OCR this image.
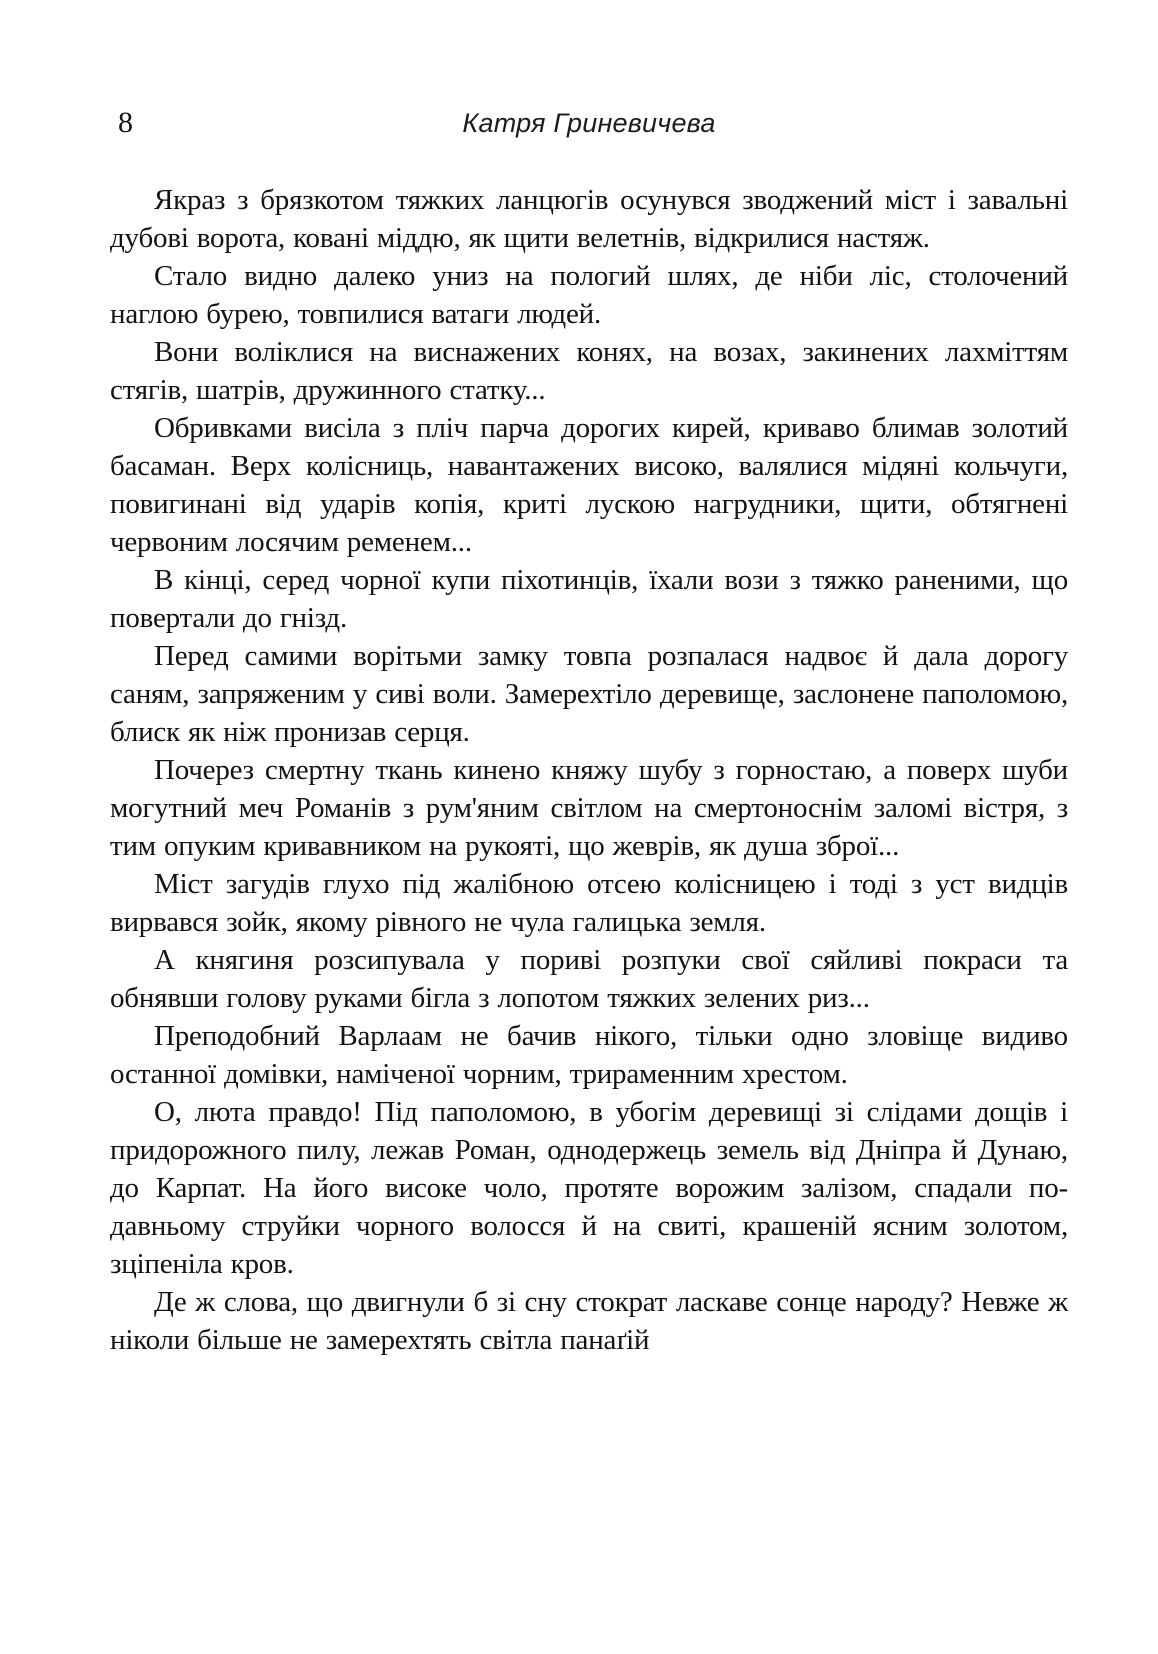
8	Катря Гриневичева

Якраз з брязкотом тяжких ланцюгів осунувся зводжений міст і завальні дубові ворота, ковані міддю, як щити велетнів, відкрилися настяж.

Стало видно далеко униз на пологий шлях, де ніби ліс, столочений наглою бурею, товпилися ватаги людей.

Вони воліклися на виснажених конях, на возах, закинених лахміттям стягів, шатрів, дружинного статку...

Обривками висіла з пліч парча дорогих кирей, криваво блимав золотий басаман. Верх колісниць, навантажених високо, валялися мідяні кольчуги, повигинані від ударів копія, криті лускою нагрудники, щити, обтягнені червоним лосячим ременем...

В кінці, серед чорної купи піхотинців, їхали вози з тяжко раненими, що повертали до гнізд.

Перед самими ворітьми замку товпа розпалася надвоє й дала дорогу саням, запряженим у сиві воли. Замерехтіло деревище, заслонене паполомою, блиск як ніж пронизав серця.

Почерез смертну ткань кинено княжу шубу з горностаю, а поверх шуби могутний меч Романів з рум'яним світлом на смертоноснім заломі вістря, з тим опуким кривавником на рукояті, що жеврів, як душа зброї...

Міст загудів глухо під жалібною отсею колісницею і тоді з уст видців вирвався зойк, якому рівного не чула галицька земля.

А княгиня розсипувала у пориві розпуки свої сяйливі покраси та обнявши голову руками бігла з лопотом тяжких зелених риз...

Преподобний Варлаам не бачив нікого, тільки одно зловіще видиво останної домівки, наміченої чорним, трираменним хрестом.

О, люта правдо! Під паполомою, в убогім деревищі зі слідами дощів і придорожного пилу, лежав Роман, однодержець земель від Дніпра й Дунаю, до Карпат. На його високе чоло, протяте ворожим залізом, спадали по-давньому струйки чорного волосся й на свиті, крашеній ясним золотом, зціпеніла кров.

Де ж слова, що двигнули б зі сну стократ ласкаве сонце народу? Невже ж ніколи більше не замерехтять світла панаґій
